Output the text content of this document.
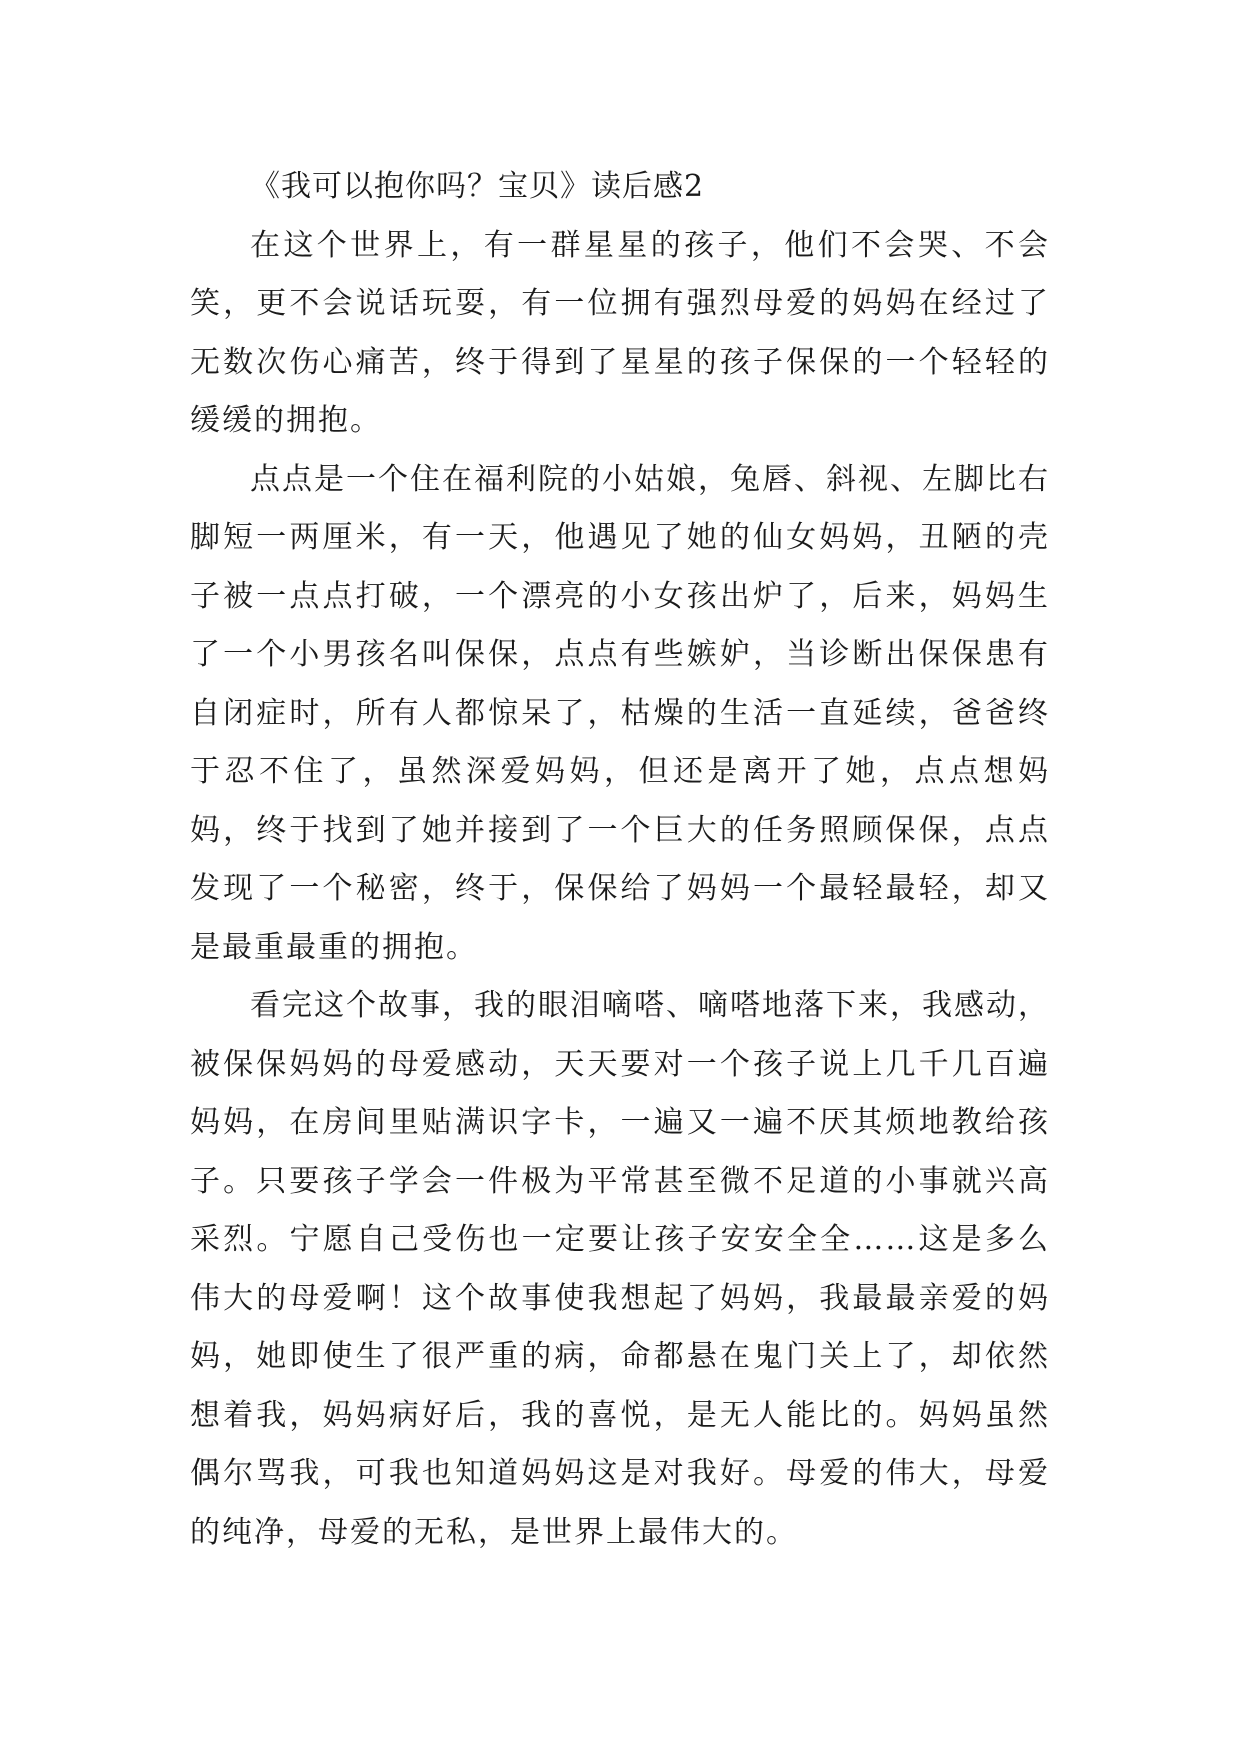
《我可以抱你吗？宝贝》读后感2

在这个世界上，有一群星星的孩子，他们不会哭、不会笑，更不会说话玩耍，有一位拥有强烈母爱的妈妈在经过了无数次伤心痛苦，终于得到了星星的孩子保保的一个轻轻的缓缓的拥抱。

点点是一个住在福利院的小姑娘，兔唇、斜视、左脚比右脚短一两厘米，有一天，他遇见了她的仙女妈妈，丑陋的壳子被一点点打破，一个漂亮的小女孩出炉了，后来，妈妈生了一个小男孩名叫保保，点点有些嫉妒，当诊断出保保患有自闭症时，所有人都惊呆了，枯燥的生活一直延续，爸爸终于忍不住了，虽然深爱妈妈，但还是离开了她，点点想妈妈，终于找到了她并接到了一个巨大的任务照顾保保，点点发现了一个秘密，终于，保保给了妈妈一个最轻最轻，却又是最重最重的拥抱。

看完这个故事，我的眼泪嘀嗒、嘀嗒地落下来，我感动，被保保妈妈的母爱感动，天天要对一个孩子说上几千几百遍妈妈，在房间里贴满识字卡，一遍又一遍不厌其烦地教给孩子。只要孩子学会一件极为平常甚至微不足道的小事就兴高采烈。宁愿自己受伤也一定要让孩子安安全全……这是多么伟大的母爱啊！这个故事使我想起了妈妈，我最最亲爱的妈妈，她即使生了很严重的病，命都悬在鬼门关上了，却依然想着我，妈妈病好后，我的喜悦，是无人能比的。妈妈虽然偶尔骂我，可我也知道妈妈这是对我好。母爱的伟大，母爱的纯净，母爱的无私，是世界上最伟大的。
